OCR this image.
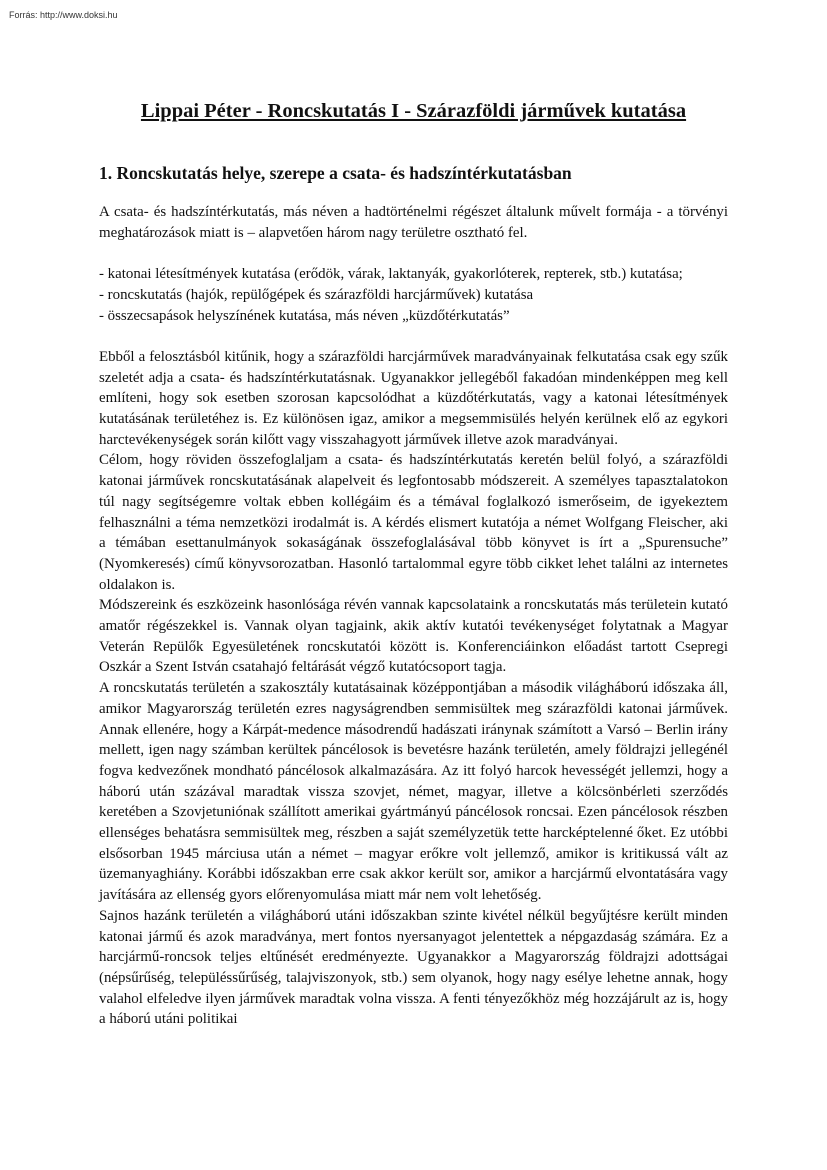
Forrás: http://www.doksi.hu
Lippai Péter - Roncskutatás I - Szárazföldi járművek kutatása
1. Roncskutatás helye, szerepe a csata- és hadszíntérkutatásban

A csata- és hadszíntérkutatás, más néven a hadtörténelmi régészet általunk művelt formája - a törvényi meghatározások miatt is – alapvetően három nagy területre osztható fel.

- katonai létesítmények kutatása (erődök, várak, laktanyák, gyakorlóterek, repterek, stb.) kutatása;
- roncskutatás (hajók, repülőgépek és szárazföldi harcjárművek) kutatása
- összecsapások helyszínének kutatása, más néven „küzdőtérkutatás”

Ebből a felosztásból kitűnik, hogy a szárazföldi harcjárművek maradványainak felkutatása csak egy szűk szeletét adja a csata- és hadszíntérkutatásnak. Ugyanakkor jellegéből fakadóan mindenképpen meg kell említeni, hogy sok esetben szorosan kapcsolódhat a küzdőtérkutatás, vagy a katonai létesítmények kutatásának területéhez is. Ez különösen igaz, amikor a megsemmisülés helyén kerülnek elő az egykori harctevékenységek során kilőtt vagy visszahagyott járművek illetve azok maradványai.

Célom, hogy röviden összefoglaljam a csata- és hadszíntérkutatás keretén belül folyó, a szárazföldi katonai járművek roncskutatásának alapelveit és legfontosabb módszereit. A személyes tapasztalatokon túl nagy segítségemre voltak ebben kollégáim és a témával foglalkozó ismerőseim, de igyekeztem felhasználni a téma nemzetközi irodalmát is. A kérdés elismert kutatója a német Wolfgang Fleischer, aki a témában esettanulmányok sokaságának összefoglalásával több könyvet is írt a „Spurensuche” (Nyomkeresés) című könyvsorozatban. Hasonló tartalommal egyre több cikket lehet találni az internetes oldalakon is.

Módszereink és eszközeink hasonlósága révén vannak kapcsolataink a roncskutatás más területein kutató amatőr régészekkel is. Vannak olyan tagjaink, akik aktív kutatói tevékenységet folytatnak a Magyar Veterán Repülők Egyesületének roncskutatói között is. Konferenciáinkon előadást tartott Csepregi Oszkár a Szent István csatahajó feltárását végző kutatócsoport tagja.

A roncskutatás területén a szakosztály kutatásainak középpontjában a második világháború időszaka áll, amikor Magyarország területén ezres nagyságrendben semmisültek meg szárazföldi katonai járművek. Annak ellenére, hogy a Kárpát-medence másodrendű hadászati iránynak számított a Varsó – Berlin irány mellett, igen nagy számban kerültek páncélosok is bevetésre hazánk területén, amely földrajzi jellegénél fogva kedvezőnek mondható páncélosok alkalmazására. Az itt folyó harcok hevességét jellemzi, hogy a háború után százával maradtak vissza szovjet, német, magyar, illetve a kölcsönbérleti szerződés keretében a Szovjetuniónak szállított amerikai gyártmányú páncélosok roncsai. Ezen páncélosok részben ellenséges behatásra semmisültek meg, részben a saját személyzetük tette harcképtelenné őket. Ez utóbbi elsősorban 1945 márciusa után a német – magyar erőkre volt jellemző, amikor is kritikussá vált az üzemanyaghiány. Korábbi időszakban erre csak akkor került sor, amikor a harcjármű elvontatására vagy javítására az ellenség gyors előrenyomulása miatt már nem volt lehetőség.

Sajnos hazánk területén a világháború utáni időszakban szinte kivétel nélkül begyűjtésre került minden katonai jármű és azok maradványa, mert fontos nyersanyagot jelentettek a népgazdaság számára. Ez a harcjármű-roncsok teljes eltűnését eredményezte. Ugyanakkor a Magyarország földrajzi adottságai (népsűrűség, településsűrűség, talajviszonyok, stb.) sem olyanok, hogy nagy esélye lehetne annak, hogy valahol elfeledve ilyen járművek maradtak volna vissza. A fenti tényezőkhöz még hozzájárult az is, hogy a háború utáni politikai
